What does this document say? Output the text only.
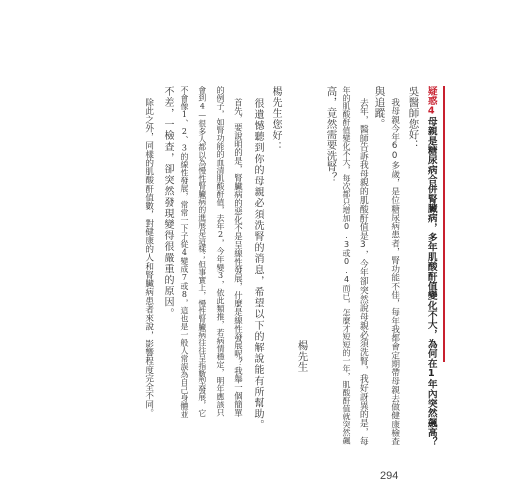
疑惑4母親是糖尿病合併腎臟病，多年肌酸酐值變化不大，為何在1年內突然飆高？
吳醫師您好：
我母親今年60多歲，是位糖尿病患者，腎功能不佳，每年我都會定期帶母親去做健康檢查
與追蹤。
去年，醫師告訴我母親的肌酸酐值是3，今年卻突然說母親必須洗腎，我好訝異的是，每
年的肌酸酐值變化不大，每次都只增加0.3或0.4而已，怎麼才短短的一年，肌酸酐值就突然飆
高，竟然需要洗腎？
楊先生
楊先生您好：
很遺憾聽到你的母親必須洗腎的消息，希望以下的解說能有所幫助。
首先，要說明的是，腎臟病的惡化不是呈線性發展，什麼是線性發展呢？我舉一個簡單
的例子，如腎功能的血清肌酸酐值，去年2，今年變3，依此類推，若病情穩定，明年應該只
會到4—很多人都以為慢性腎臟病的進展是這樣；但事實上，慢性腎臟病往往呈指數型發展，它
不會像1、2、3的線性發展，常常一下子從4變成7或8，這也是一般人常誤為自己身體並
不差，一檢查，卻突然發現變得很嚴重的原因。
除此之外，同樣的肌酸酐值數，對健康的人和腎臟病患者來說，影響程度完全不同。
294
